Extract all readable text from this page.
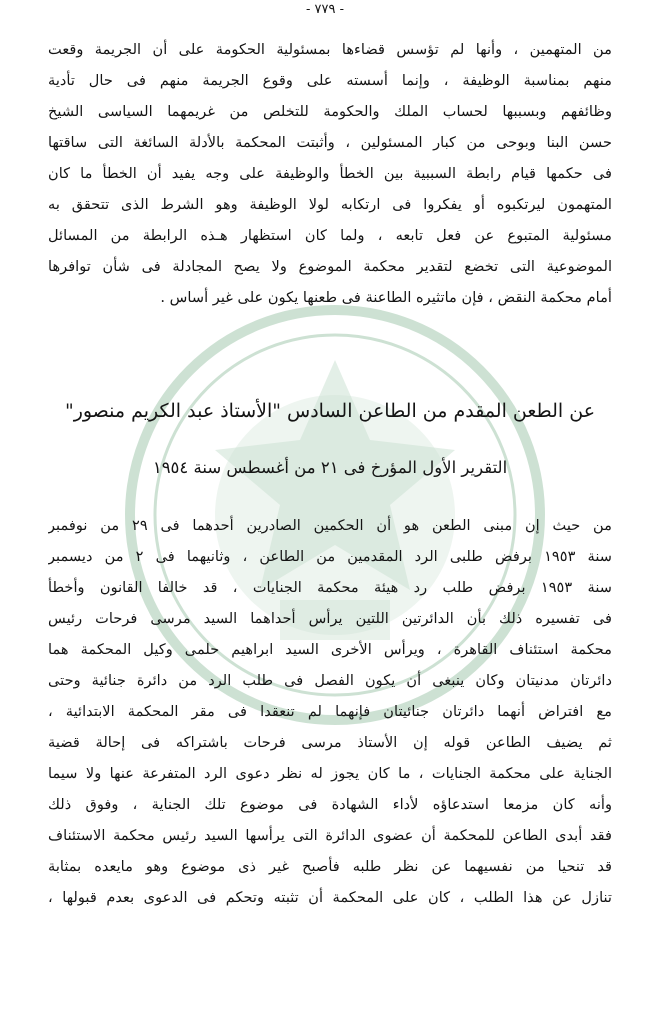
- ٧٧٩ -
من المتهمين ، وأنها لم تؤسس قضاءها بمسئولية الحكومة على أن الجريمة وقعت
منهم بمناسبة الوظيفة ، وإنما أسسته على وقوع الجريمة منهم فى حال تأدية
وظائفهم وبسببها لحساب الملك والحكومة للتخلص من غريمهما السياسى الشيخ
حسن البنا وبوحى من كبار المسئولين ، وأثبتت المحكمة بالأدلة السائغة التى ساقتها
فى حكمها قيام رابطة السببية بين الخطأ والوظيفة على وجه يفيد أن الخطأ ما كان
المتهمون ليرتكبوه أو يفكروا فى ارتكابه لولا الوظيفة وهو الشرط الذى تتحقق به
مسئولية المتبوع عن فعل تابعه ، ولما كان استظهار هـذه الرابطة من المسائل
الموضوعية التى تخضع لتقدير محكمة الموضوع ولا يصح المجادلة فى شأن توافرها
أمام محكمة النقض ، فإن ماتثيره الطاعنة فى طعنها يكون على غير أساس .
عن الطعن المقدم من الطاعن السادس "الأستاذ عبد الكريم منصور"
التقرير الأول المؤرخ فى ٢١ من أغسطس سنة ١٩٥٤
من حيث إن مبنى الطعن هو أن الحكمين الصادرين أحدهما فى ٢٩ من نوفمبر
سنة ١٩٥٣ برفض طلبى الرد المقدمين من الطاعن ، وثانيهما فى ٢ من ديسمبر
سنة ١٩٥٣ برفض طلب رد هيئة محكمة الجنايات ، قد خالفا القانون وأخطأ
فى تفسيره ذلك بأن الدائرتين اللتين يرأس أحداهما السيد مرسى فرحات رئيس
محكمة استئناف القاهرة ، ويرأس الأخرى السيد ابراهيم حلمى وكيل المحكمة هما
دائرتان مدنيتان وكان ينبغى أن يكون الفصل فى طلب الرد من دائرة جنائية وحتى
مع افتراض أنهما دائرتان جنائيتان فإنهما لم تنعقدا فى مقر المحكمة الابتدائية ،
ثم يضيف الطاعن قوله إن الأستاذ مرسى فرحات باشتراكه فى إحالة قضية
الجناية على محكمة الجنايات ، ما كان يجوز له نظر دعوى الرد المتفرعة عنها ولا سيما
وأنه كان مزمعا استدعاؤه لأداء الشهادة فى موضوع تلك الجناية ، وفوق ذلك
فقد أبدى الطاعن للمحكمة أن عضوى الدائرة التى يرأسها السيد رئيس محكمة الاستئناف
قد تنحيا من نفسيهما عن نظر طلبه فأصبح غير ذى موضوع وهو مايعده بمثابة
تنازل عن هذا الطلب ، كان على المحكمة أن تثبته وتحكم فى الدعوى بعدم قبولها ،
